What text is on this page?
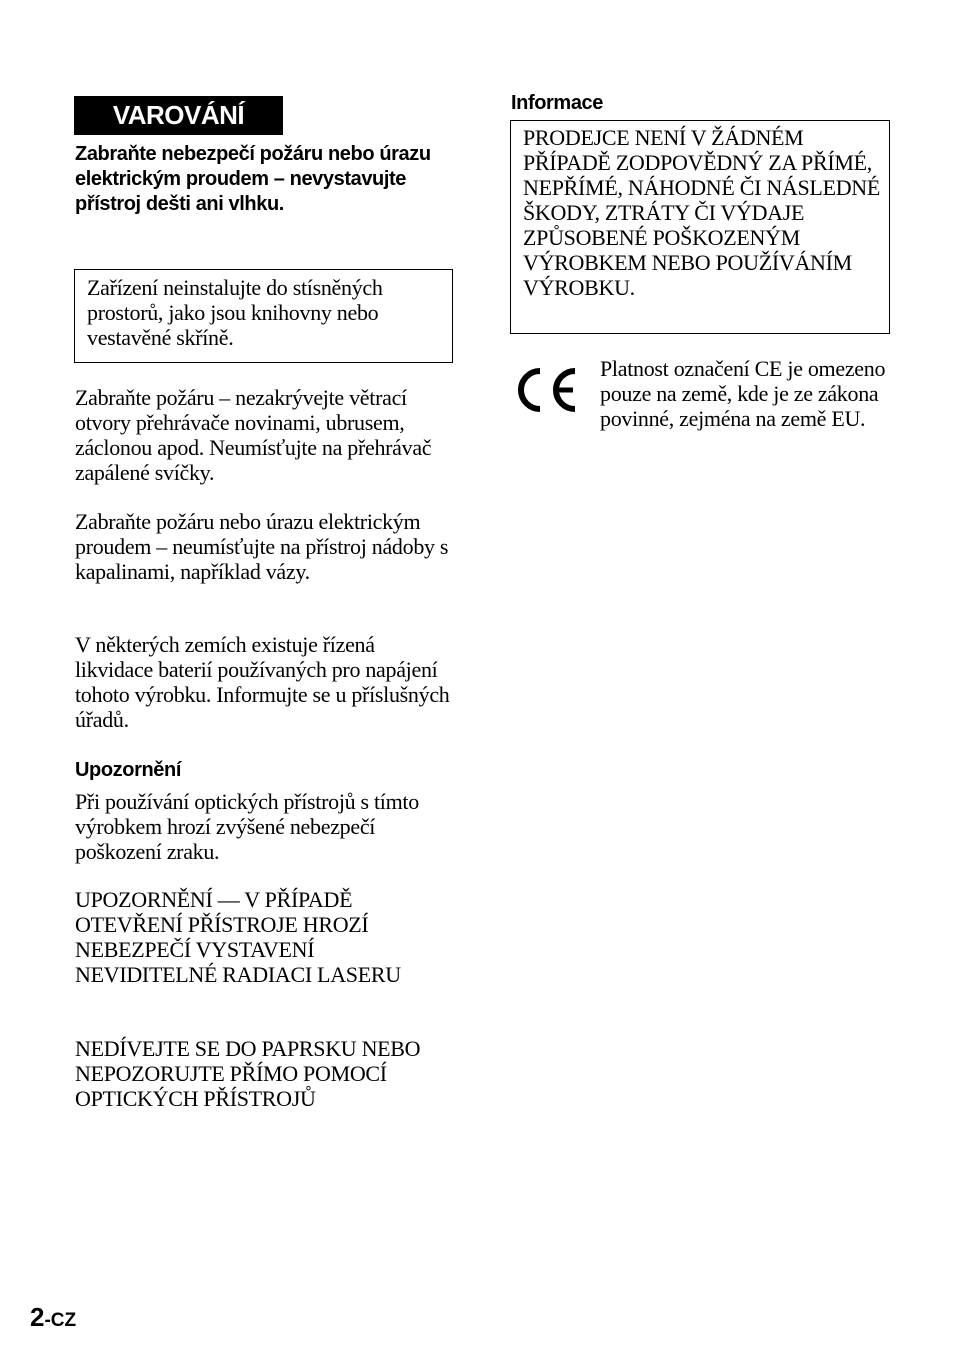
VAROVÁNÍ

Zabraňte nebezpečí požáru nebo úrazu elektrickým proudem – nevystavujte přístroj dešti ani vlhku.

Zařízení neinstalujte do stísněných prostorů, jako jsou knihovny nebo vestavěné skříně.

Zabraňte požáru – nezakrývejte větrací otvory přehrávače novinami, ubrusem, záclonou apod. Neumísťujte na přehrávač zapálené svíčky.

Zabraňte požáru nebo úrazu elektrickým proudem – neumísťujte na přístroj nádoby s kapalinami, například vázy.

V některých zemích existuje řízená likvidace baterií používaných pro napájení tohoto výrobku. Informujte se u příslušných úřadů.

Upozornění

Při používání optických přístrojů s tímto výrobkem hrozí zvýšené nebezpečí poškození zraku.

UPOZORNĚNÍ — V PŘÍPADĚ OTEVŘENÍ PŘÍSTROJE HROZÍ NEBEZPEČÍ VYSTAVENÍ NEVIDITELNÉ RADIACI LASERU

NEDÍVEJTE SE DO PAPRSKU NEBO NEPOZORUJTE PŘÍMO POMOCÍ OPTICKÝCH PŘÍSTROJŮ

Informace
PRODEJCE NENÍ V ŽÁDNÉM PŘÍPADĚ ZODPOVĚDNÝ ZA PŘÍMÉ, NEPŘÍMÉ, NÁHODNÉ ČI NÁSLEDNÉ ŠKODY, ZTRÁTY ČI VÝDAJE ZPŮSOBENÉ POŠKOZENÝM VÝROBKEM NEBO POUŽÍVÁNÍM VÝROBKU.

Platnost označení CE je omezeno pouze na země, kde je ze zákona povinné, zejména na země EU.

2-CZ
